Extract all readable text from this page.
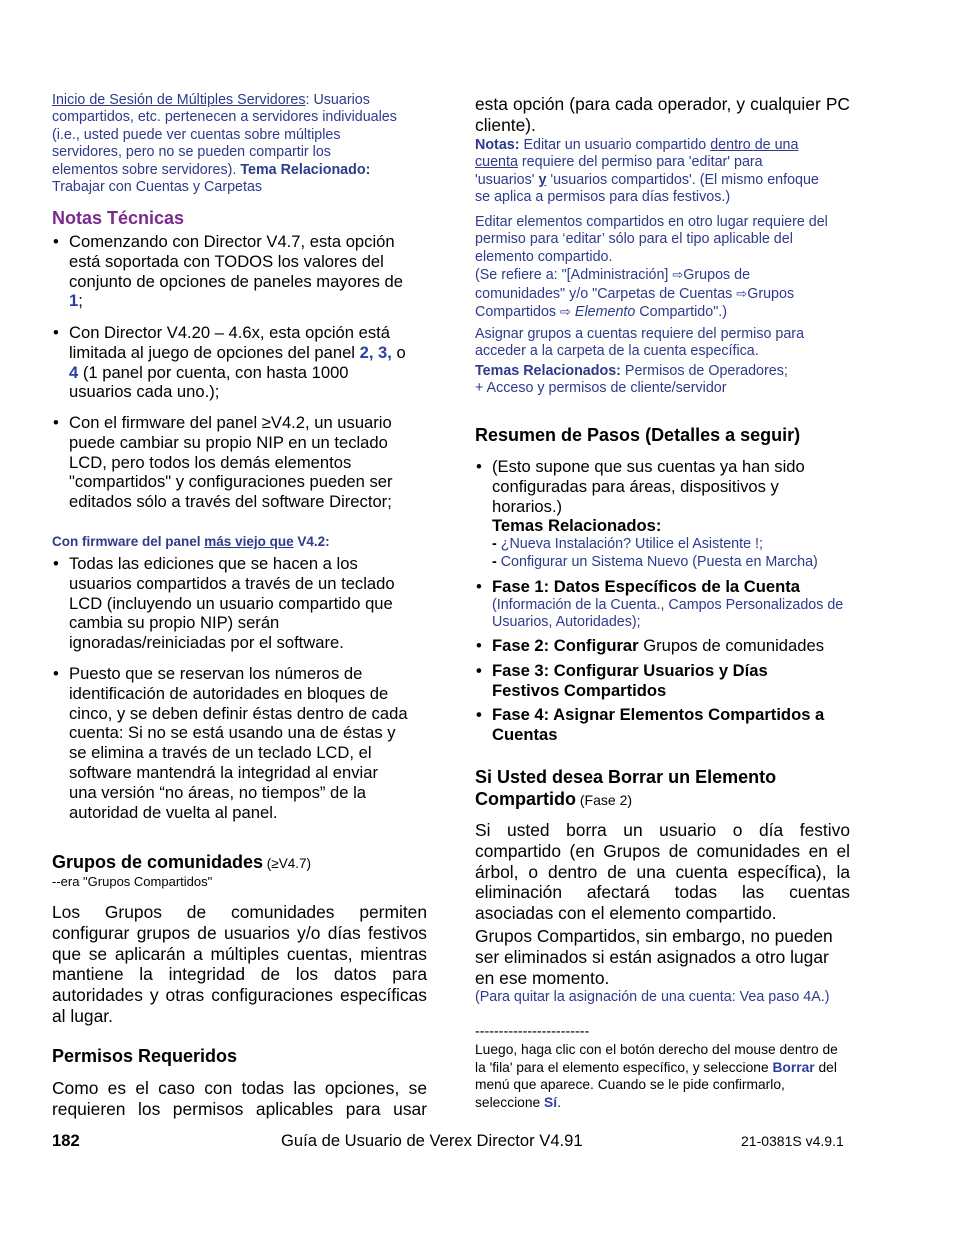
Inicio de Sesión de Múltiples Servidores: Usuarios compartidos, etc. pertenecen a servidores individuales (i.e., usted puede ver cuentas sobre múltiples servidores, pero no se pueden compartir los elementos sobre servidores). Tema Relacionado: Trabajar con Cuentas y Carpetas
Notas Técnicas
• Comenzando con Director V4.7, esta opción está soportada con TODOS los valores del conjunto de opciones de paneles mayores de 1;
• Con Director V4.20 – 4.6x, esta opción está limitada al juego de opciones del panel 2, 3, o 4 (1 panel por cuenta, con hasta 1000 usuarios cada uno.);
• Con el firmware del panel ≥V4.2, un usuario puede cambiar su propio NIP en un teclado LCD, pero todos los demás elementos "compartidos" y configuraciones pueden ser editados sólo a través del software Director;
Con firmware del panel más viejo que V4.2:
• Todas las ediciones que se hacen a los usuarios compartidos a través de un teclado LCD (incluyendo un usuario compartido que cambia su propio NIP) serán ignoradas/reiniciadas por el software.
• Puesto que se reservan los números de identificación de autoridades en bloques de cinco, y se deben definir éstas dentro de cada cuenta: Si no se está usando una de éstas y se elimina a través de un teclado LCD, el software mantendrá la integridad al enviar una versión “no áreas, no tiempos” de la autoridad de vuelta al panel.
Grupos de comunidades (≥V4.7)
--era "Grupos Compartidos"

Los Grupos de comunidades permiten configurar grupos de usuarios y/o días festivos que se aplicarán a múltiples cuentas, mientras mantiene la integridad de los datos para autoridades y otras configuraciones específicas al lugar.

Permisos Requeridos

Como es el caso con todas las opciones, se requieren los permisos aplicables para usar

esta opción (para cada operador, y cualquier PC cliente).

Notas: Editar un usuario compartido dentro de una cuenta requiere del permiso para 'editar' para 'usuarios' y 'usuarios compartidos'. (El mismo enfoque se aplica a permisos para días festivos.)
Editar elementos compartidos en otro lugar requiere del permiso para ‘editar’ sólo para el tipo aplicable del elemento compartido.
(Se refiere a: "[Administración] ⇨Grupos de comunidades" y/o "Carpetas de Cuentas ⇨Grupos Compartidos ⇨ Elemento Compartido".)
Asignar grupos a cuentas requiere del permiso para acceder a la carpeta de la cuenta específica.
Temas Relacionados: Permisos de Operadores;
+ Acceso y permisos de cliente/servidor
Resumen de Pasos (Detalles a seguir)
• (Esto supone que sus cuentas ya han sido configuradas para áreas, dispositivos y horarios.)
Temas Relacionados:
- ¿Nueva Instalación? Utilice el Asistente !;
- Configurar un Sistema Nuevo (Puesta en Marcha)
• Fase 1: Datos Específicos de la Cuenta
(Información de la Cuenta., Campos Personalizados de Usuarios, Autoridades);
• Fase 2: Configurar Grupos de comunidades
• Fase 3: Configurar Usuarios y Días Festivos Compartidos
• Fase 4: Asignar Elementos Compartidos a Cuentas
Si Usted desea Borrar un Elemento Compartido (Fase 2)

Si usted borra un usuario o día festivo compartido (en Grupos de comunidades en el árbol, o dentro de una cuenta específica), la eliminación afectará todas las cuentas asociadas con el elemento compartido.

Grupos Compartidos, sin embargo, no pueden ser eliminados si están asignados a otro lugar en ese momento.

(Para quitar la asignación de una cuenta: Vea paso 4A.)
------------------------
Luego, haga clic con el botón derecho del mouse dentro de la 'fila' para el elemento específico, y seleccione Borrar del menú que aparece. Cuando se le pide confirmarlo, seleccione Sí.
182	Guía de Usuario de Verex Director V4.91	21-0381S v4.9.1
